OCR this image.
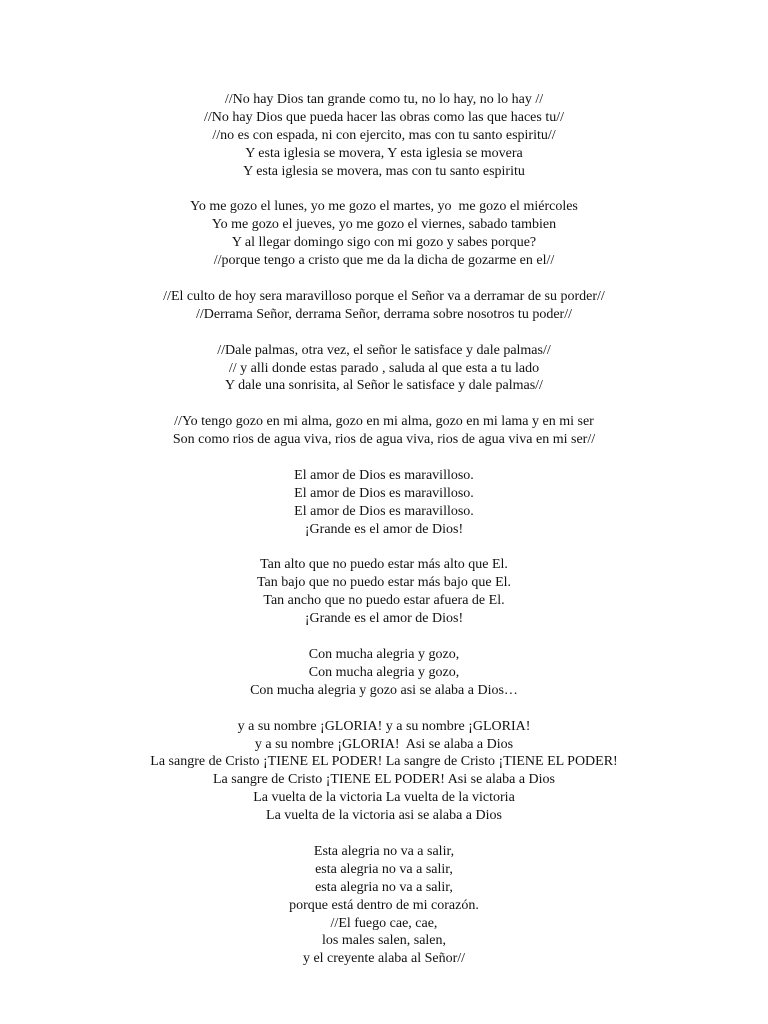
//No hay Dios tan grande como tu, no lo hay, no lo hay //
//No hay Dios que pueda hacer las obras como las que haces tu//
//no es con espada, ni con ejercito, mas con tu santo espiritu//
Y esta iglesia se movera, Y esta iglesia se movera
Y esta iglesia se movera, mas con tu santo espiritu
Yo me gozo el lunes, yo me gozo el martes, yo  me gozo el miércoles
Yo me gozo el jueves, yo me gozo el viernes, sabado tambien
Y al llegar domingo sigo con mi gozo y sabes porque?
//porque tengo a cristo que me da la dicha de gozarme en el//
//El culto de hoy sera maravilloso porque el Señor va a derramar de su porder//
//Derrama Señor, derrama Señor, derrama sobre nosotros tu poder//
//Dale palmas, otra vez, el señor le satisface y dale palmas//
// y alli donde estas parado , saluda al que esta a tu lado
Y dale una sonrisita, al Señor le satisface y dale palmas//
//Yo tengo gozo en mi alma, gozo en mi alma, gozo en mi lama y en mi ser
Son como rios de agua viva, rios de agua viva, rios de agua viva en mi ser//
El amor de Dios es maravilloso.
El amor de Dios es maravilloso.
El amor de Dios es maravilloso.
¡Grande es el amor de Dios!
Tan alto que no puedo estar más alto que El.
Tan bajo que no puedo estar más bajo que El.
Tan ancho que no puedo estar afuera de El.
¡Grande es el amor de Dios!
Con mucha alegria y gozo,
Con mucha alegria y gozo,
Con mucha alegria y gozo asi se alaba a Dios…
y a su nombre ¡GLORIA! y a su nombre ¡GLORIA!
y a su nombre ¡GLORIA!  Asi se alaba a Dios
La sangre de Cristo ¡TIENE EL PODER! La sangre de Cristo ¡TIENE EL PODER!
La sangre de Cristo ¡TIENE EL PODER! Asi se alaba a Dios
La vuelta de la victoria La vuelta de la victoria
La vuelta de la victoria asi se alaba a Dios
Esta alegria no va a salir,
esta alegria no va a salir,
esta alegria no va a salir,
porque está dentro de mi corazón.
//El fuego cae, cae,
los males salen, salen,
y el creyente alaba al Señor//
